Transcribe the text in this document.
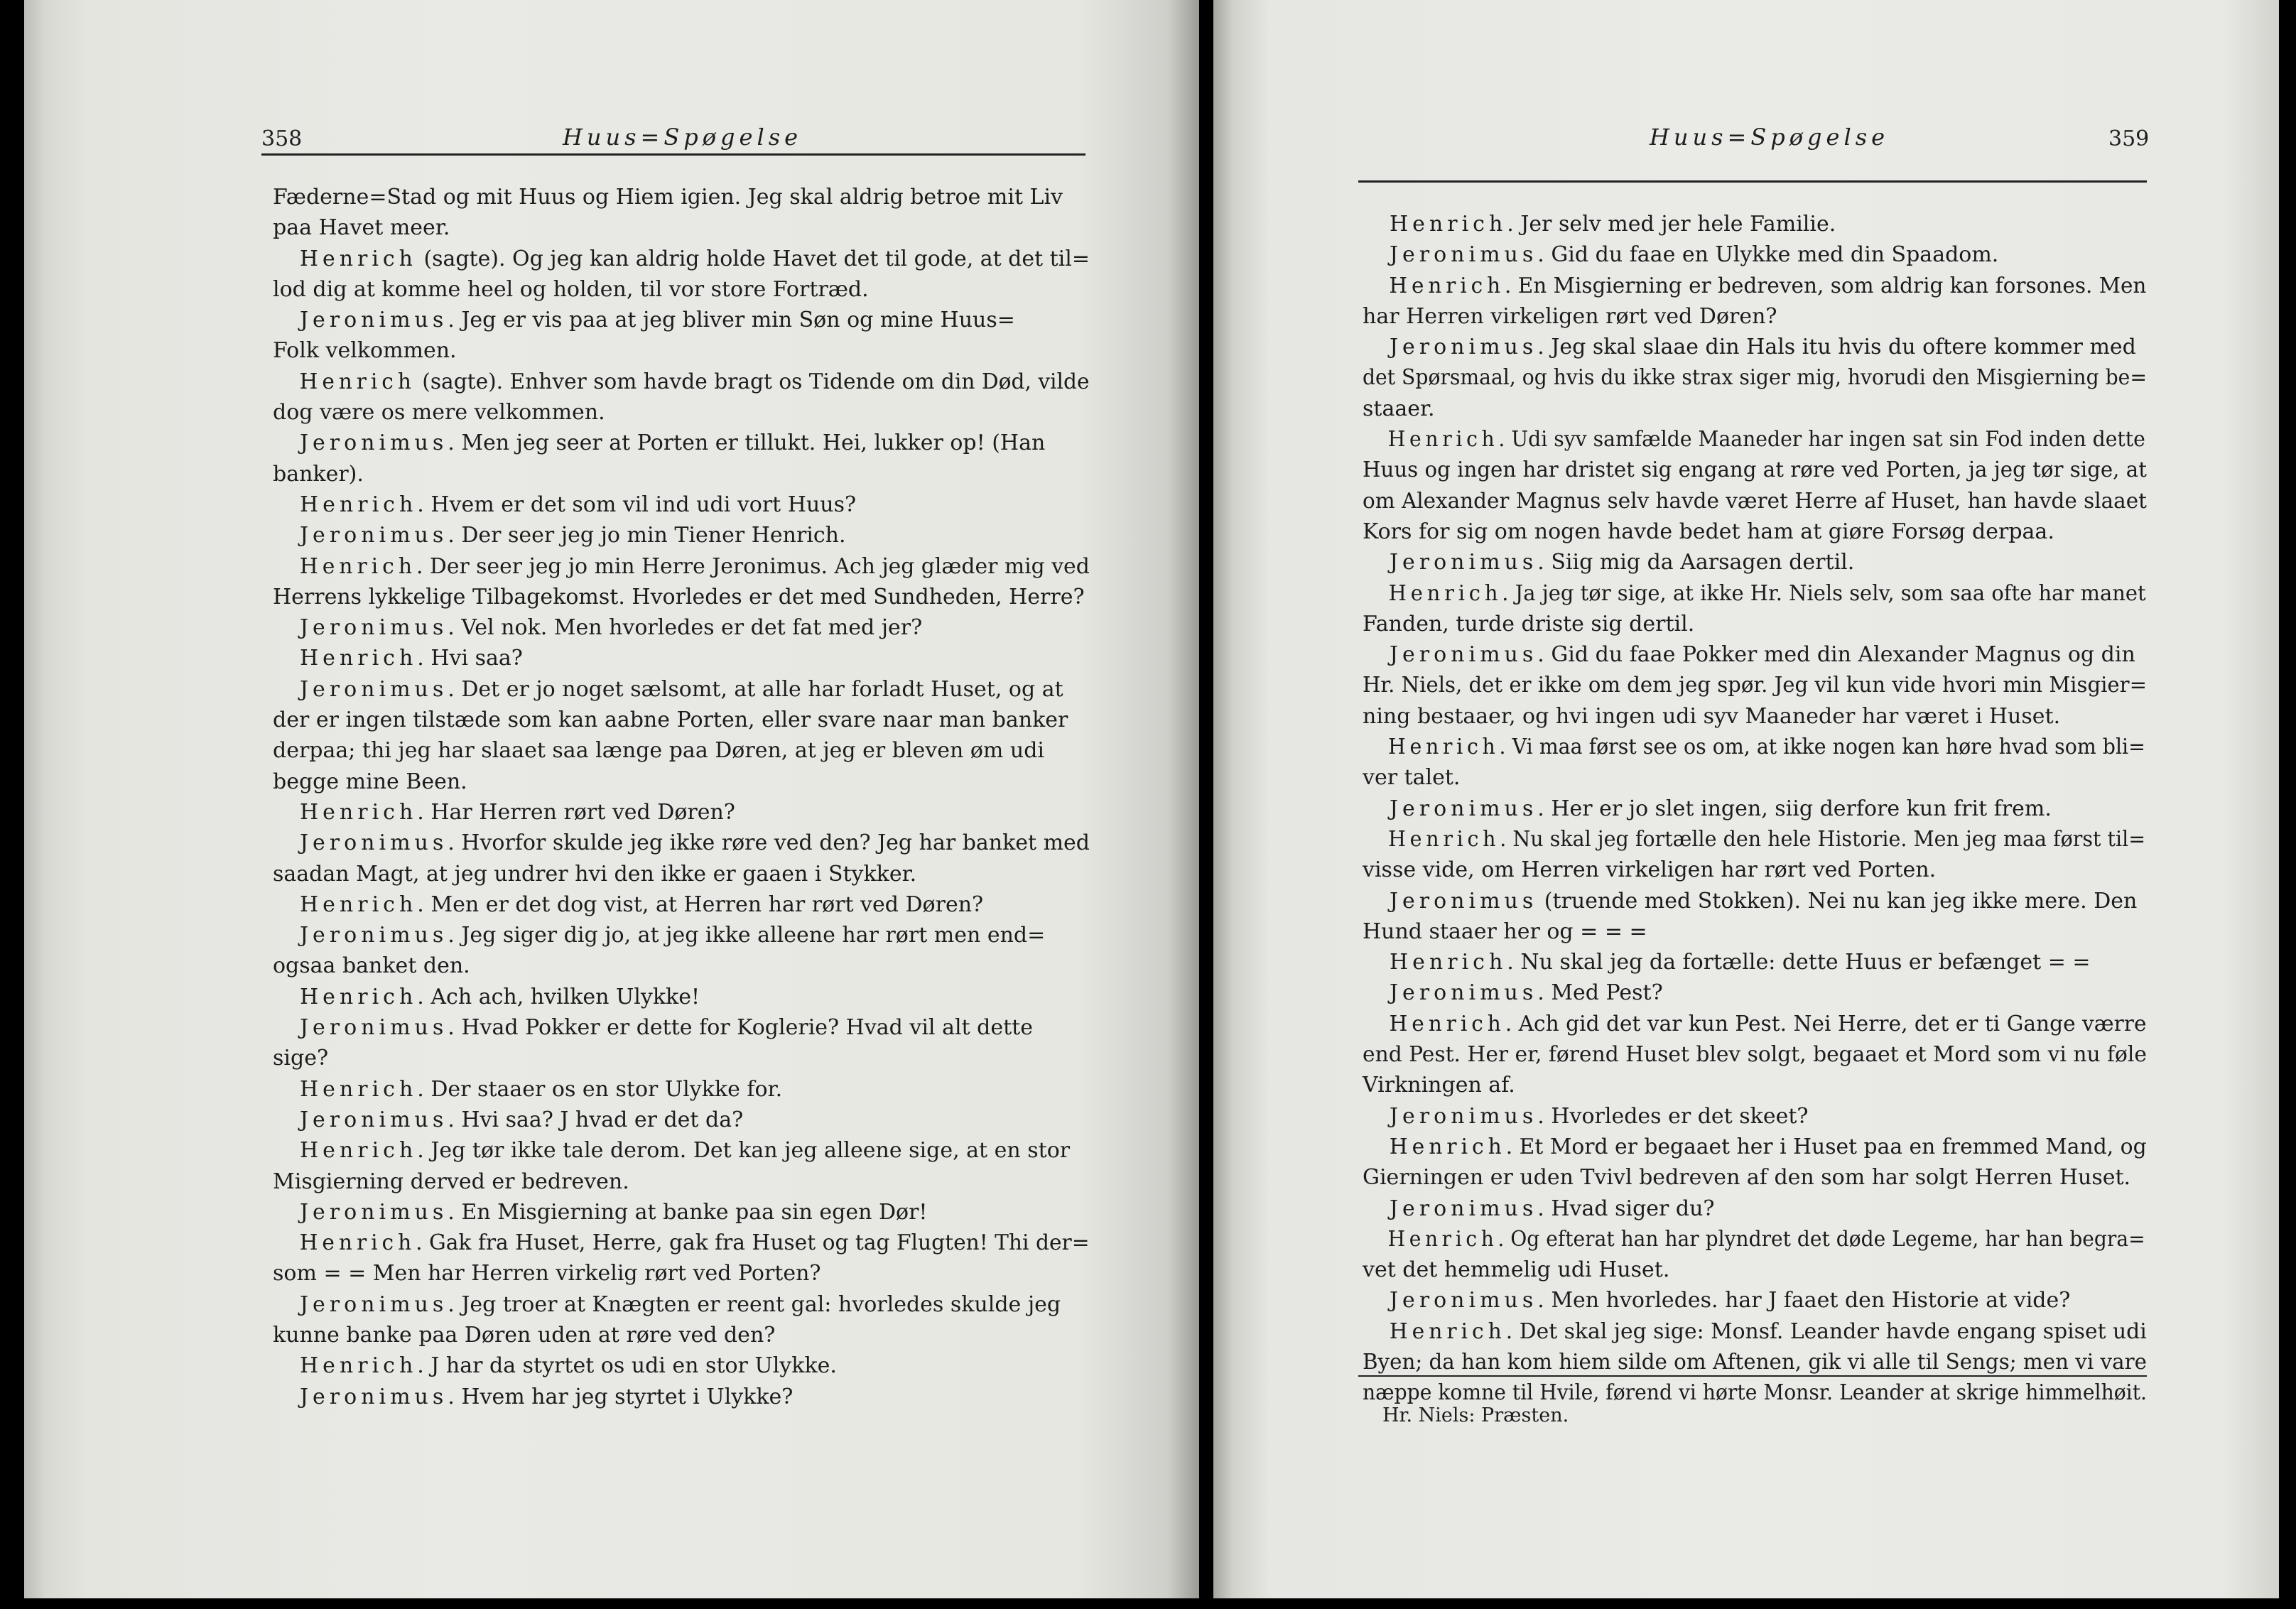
358	Huus=Spøgelse
Fæderne=Stad og mit Huus og Hiem igien. Jeg skal aldrig betroe mit Liv
paa Havet meer.
Henrich (sagte). Og jeg kan aldrig holde Havet det til gode, at det til=
lod dig at komme heel og holden, til vor store Fortræd.
Jeronimus. Jeg er vis paa at jeg bliver min Søn og mine Huus=
Folk velkommen.
Henrich (sagte). Enhver som havde bragt os Tidende om din Død, vilde
dog være os mere velkommen.
Jeronimus. Men jeg seer at Porten er tillukt. Hei, lukker op! (Han
banker).
Henrich. Hvem er det som vil ind udi vort Huus?
Jeronimus. Der seer jeg jo min Tiener Henrich.
Henrich. Der seer jeg jo min Herre Jeronimus. Ach jeg glæder mig ved
Herrens lykkelige Tilbagekomst. Hvorledes er det med Sundheden, Herre?
Jeronimus. Vel nok. Men hvorledes er det fat med jer?
Henrich. Hvi saa?
Jeronimus. Det er jo noget sælsomt, at alle har forladt Huset, og at
der er ingen tilstæde som kan aabne Porten, eller svare naar man banker
derpaa; thi jeg har slaaet saa længe paa Døren, at jeg er bleven øm udi
begge mine Been.
Henrich. Har Herren rørt ved Døren?
Jeronimus. Hvorfor skulde jeg ikke røre ved den? Jeg har banket med
saadan Magt, at jeg undrer hvi den ikke er gaaen i Stykker.
Henrich. Men er det dog vist, at Herren har rørt ved Døren?
Jeronimus. Jeg siger dig jo, at jeg ikke alleene har rørt men end=
ogsaa banket den.
Henrich. Ach ach, hvilken Ulykke!
Jeronimus. Hvad Pokker er dette for Koglerie? Hvad vil alt dette
sige?
Henrich. Der staaer os en stor Ulykke for.
Jeronimus. Hvi saa? J hvad er det da?
Henrich. Jeg tør ikke tale derom. Det kan jeg alleene sige, at en stor
Misgierning derved er bedreven.
Jeronimus. En Misgierning at banke paa sin egen Dør!
Henrich. Gak fra Huset, Herre, gak fra Huset og tag Flugten! Thi der=
som = = Men har Herren virkelig rørt ved Porten?
Jeronimus. Jeg troer at Knægten er reent gal: hvorledes skulde jeg
kunne banke paa Døren uden at røre ved den?
Henrich. J har da styrtet os udi en stor Ulykke.
Jeronimus. Hvem har jeg styrtet i Ulykke?
Huus=Spøgelse	359
Henrich. Jer selv med jer hele Familie.
Jeronimus. Gid du faae en Ulykke med din Spaadom.
Henrich. En Misgierning er bedreven, som aldrig kan forsones. Men
har Herren virkeligen rørt ved Døren?
Jeronimus. Jeg skal slaae din Hals itu hvis du oftere kommer med
det Spørsmaal, og hvis du ikke strax siger mig, hvorudi den Misgierning be=
staaer.
Henrich. Udi syv samfælde Maaneder har ingen sat sin Fod inden dette
Huus og ingen har dristet sig engang at røre ved Porten, ja jeg tør sige, at
om Alexander Magnus selv havde været Herre af Huset, han havde slaaet
Kors for sig om nogen havde bedet ham at giøre Forsøg derpaa.
Jeronimus. Siig mig da Aarsagen dertil.
Henrich. Ja jeg tør sige, at ikke Hr. Niels selv, som saa ofte har manet
Fanden, turde driste sig dertil.
Jeronimus. Gid du faae Pokker med din Alexander Magnus og din
Hr. Niels, det er ikke om dem jeg spør. Jeg vil kun vide hvori min Misgier=
ning bestaaer, og hvi ingen udi syv Maaneder har været i Huset.
Henrich. Vi maa først see os om, at ikke nogen kan høre hvad som bli=
ver talet.
Jeronimus. Her er jo slet ingen, siig derfore kun frit frem.
Henrich. Nu skal jeg fortælle den hele Historie. Men jeg maa først til=
visse vide, om Herren virkeligen har rørt ved Porten.
Jeronimus (truende med Stokken). Nei nu kan jeg ikke mere. Den
Hund staaer her og = = =
Henrich. Nu skal jeg da fortælle: dette Huus er befænget = =
Jeronimus. Med Pest?
Henrich. Ach gid det var kun Pest. Nei Herre, det er ti Gange værre
end Pest. Her er, førend Huset blev solgt, begaaet et Mord som vi nu føle
Virkningen af.
Jeronimus. Hvorledes er det skeet?
Henrich. Et Mord er begaaet her i Huset paa en fremmed Mand, og
Gierningen er uden Tvivl bedreven af den som har solgt Herren Huset.
Jeronimus. Hvad siger du?
Henrich. Og efterat han har plyndret det døde Legeme, har han begra=
vet det hemmelig udi Huset.
Jeronimus. Men hvorledes. har J faaet den Historie at vide?
Henrich. Det skal jeg sige: Monsf. Leander havde engang spiset udi
Byen; da han kom hiem silde om Aftenen, gik vi alle til Sengs; men vi vare
næppe komne til Hvile, førend vi hørte Monsr. Leander at skrige himmelhøit.
Hr. Niels: Præsten.
